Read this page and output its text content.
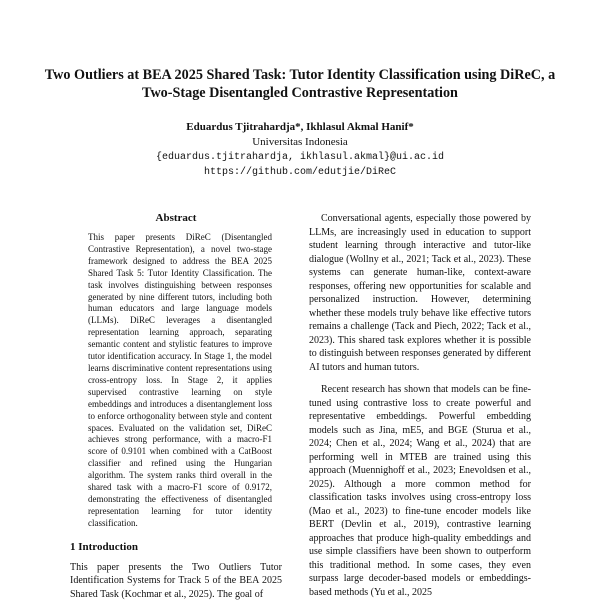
Two Outliers at BEA 2025 Shared Task: Tutor Identity Classification using DiReC, a Two-Stage Disentangled Contrastive Representation
Eduardus Tjitrahardja*, Ikhlasul Akmal Hanif*
Universitas Indonesia
{eduardus.tjitrahardja, ikhlasul.akmal}@ui.ac.id
https://github.com/edutjie/DiReC
Abstract
This paper presents DiReC (Disentangled Contrastive Representation), a novel two-stage framework designed to address the BEA 2025 Shared Task 5: Tutor Identity Classification. The task involves distinguishing between responses generated by nine different tutors, including both human educators and large language models (LLMs). DiReC leverages a disentangled representation learning approach, separating semantic content and stylistic features to improve tutor identification accuracy. In Stage 1, the model learns discriminative content representations using cross-entropy loss. In Stage 2, it applies supervised contrastive learning on style embeddings and introduces a disentanglement loss to enforce orthogonality between style and content spaces. Evaluated on the validation set, DiReC achieves strong performance, with a macro-F1 score of 0.9101 when combined with a CatBoost classifier and refined using the Hungarian algorithm. The system ranks third overall in the shared task with a macro-F1 score of 0.9172, demonstrating the effectiveness of disentangled representation learning for tutor identity classification.
1 Introduction
This paper presents the Two Outliers Tutor Identification Systems for Track 5 of the BEA 2025 Shared Task (Kochmar et al., 2025). The goal of

Conversational agents, especially those powered by LLMs, are increasingly used in education to support student learning through interactive and tutor-like dialogue (Wollny et al., 2021; Tack et al., 2023). These systems can generate human-like, context-aware responses, offering new opportunities for scalable and personalized instruction. However, determining whether these models truly behave like effective tutors remains a challenge (Tack and Piech, 2022; Tack et al., 2023). This shared task explores whether it is possible to distinguish between responses generated by different AI tutors and human tutors.

Recent research has shown that models can be fine-tuned using contrastive loss to create powerful and representative embeddings. Powerful embedding models such as Jina, mE5, and BGE (Sturua et al., 2024; Chen et al., 2024; Wang et al., 2024) that are performing well in MTEB are trained using this approach (Muennighoff et al., 2023; Enevoldsen et al., 2025). Although a more common method for classification tasks involves using cross-entropy loss (Mao et al., 2023) to fine-tune encoder models like BERT (Devlin et al., 2019), contrastive learning approaches that produce high-quality embeddings and use simple classifiers have been shown to outperform this traditional method. In some cases, they even surpass large decoder-based models or embeddings-based methods (Yu et al., 2025
